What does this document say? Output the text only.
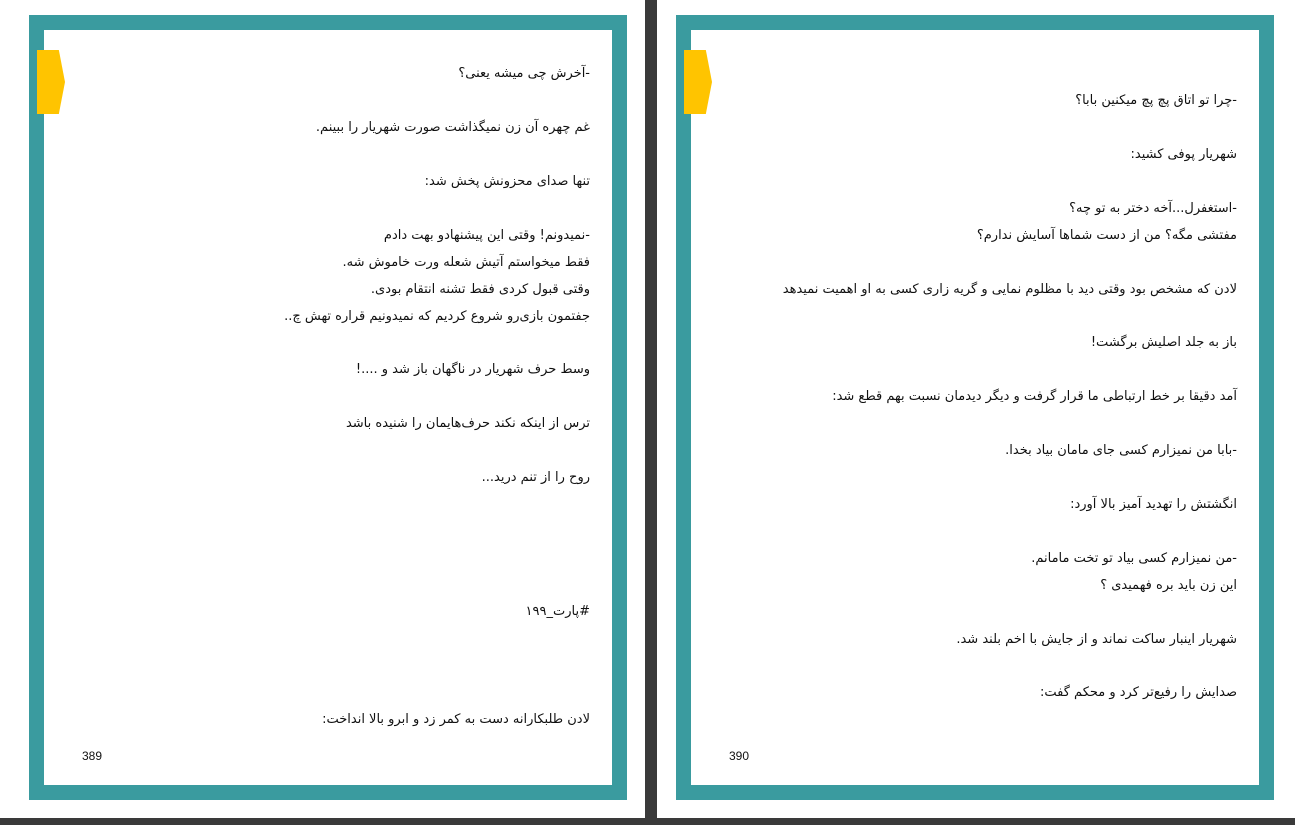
-آخرش چی میشه یعنی؟
غم چهره آن زن نمیگذاشت صورت شهریار را ببینم.
تنها صدای محزونش پخش شد:
-نمیدونم! وقتی این پیشنهادو بهت دادم
فقط میخواستم آتیش شعله ورت خاموش شه.
وقتی قبول کردی فقط تشنه انتقام بودی.
جفتمون بازی‌رو شروع کردیم که نمیدونیم قراره تهش چ..
وسط حرف شهریار در ناگهان باز شد و ....!
ترس از اینکه نکند حرف‌هایمان را شنیده باشد
روح را از تنم درید...
#پارت_۱۹۹
لادن طلبکارانه دست به کمر زد و ابرو بالا انداخت:
389
-چرا تو اتاق پچ پچ میکنین بابا؟
شهریار پوفی کشید:
-استغفرل...آخه دختر به تو چه؟
مفتشی مگه؟ من از دست شماها آسایش ندارم؟
لادن که مشخص بود وقتی دید با مظلوم نمایی و گریه زاری کسی به او اهمیت نمیدهد
باز به جلد اصلیش برگشت!
آمد دقیقا بر خط ارتباطی ما قرار گرفت و دیگر دیدمان نسبت بهم قطع شد:
-بابا من نمیزارم کسی جای مامان بیاد بخدا.
انگشتش را تهدید آمیز بالا آورد:
-من نمیزارم کسی بیاد تو تخت مامانم.
این زن باید بره فهمیدی ؟
شهریار اینبار ساکت نماند و از جایش با اخم بلند شد.
صدایش را رفیع‌تر کرد و محکم گفت:
390
